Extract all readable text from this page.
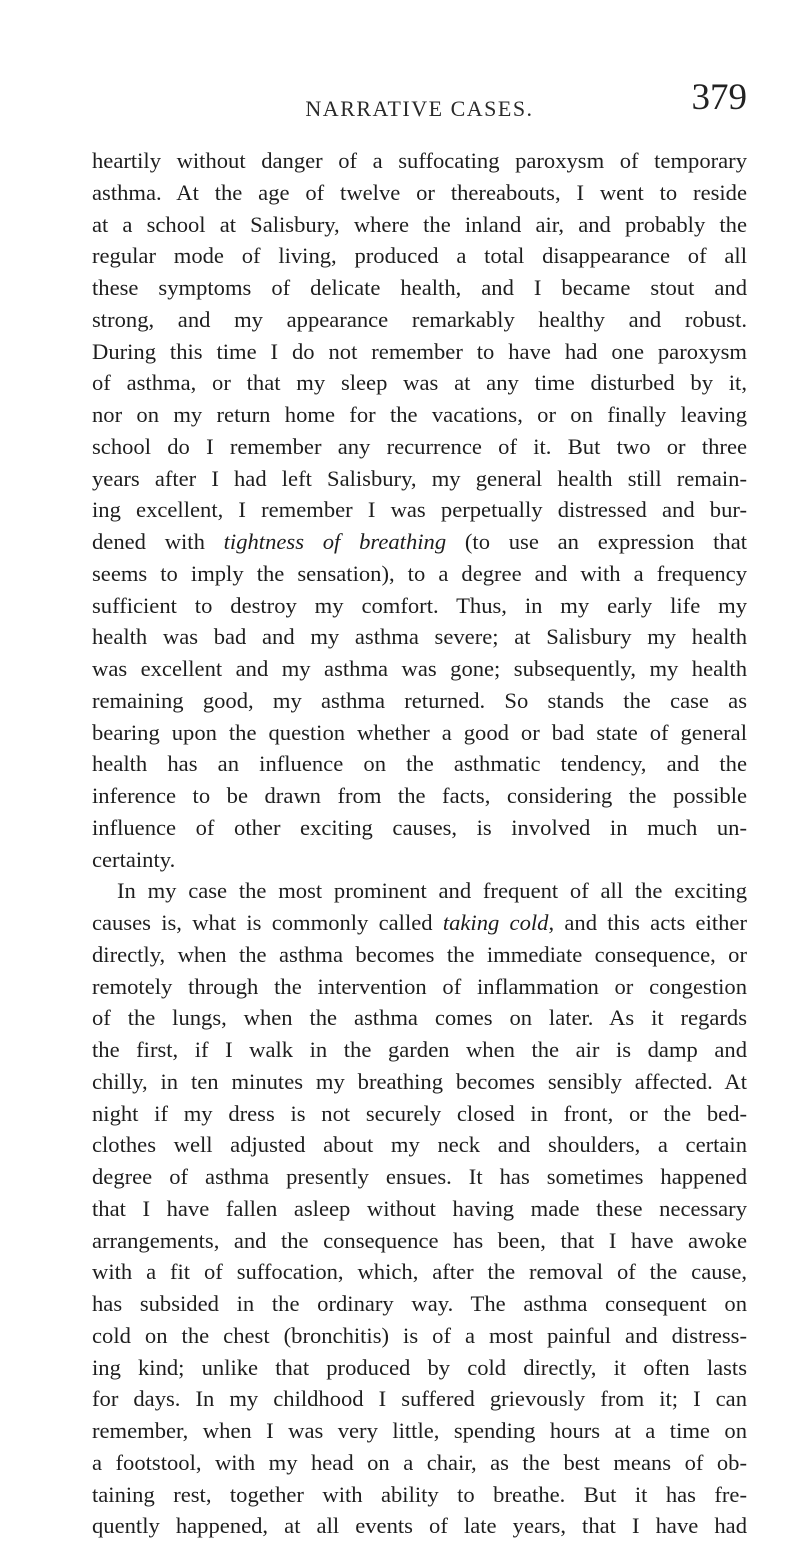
NARRATIVE CASES.	379
heartily without danger of a suffocating paroxysm of temporary
asthma. At the age of twelve or thereabouts, I went to reside
at a school at Salisbury, where the inland air, and probably the
regular mode of living, produced a total disappearance of all
these symptoms of delicate health, and I became stout and
strong, and my appearance remarkably healthy and robust.
During this time I do not remember to have had one paroxysm
of asthma, or that my sleep was at any time disturbed by it,
nor on my return home for the vacations, or on finally leaving
school do I remember any recurrence of it. But two or three
years after I had left Salisbury, my general health still remain-
ing excellent, I remember I was perpetually distressed and bur-
dened with tightness of breathing (to use an expression that
seems to imply the sensation), to a degree and with a frequency
sufficient to destroy my comfort. Thus, in my early life my
health was bad and my asthma severe; at Salisbury my health
was excellent and my asthma was gone; subsequently, my health
remaining good, my asthma returned. So stands the case as
bearing upon the question whether a good or bad state of general
health has an influence on the asthmatic tendency, and the
inference to be drawn from the facts, considering the possible
influence of other exciting causes, is involved in much un-
certainty.
In my case the most prominent and frequent of all the exciting
causes is, what is commonly called taking cold, and this acts either
directly, when the asthma becomes the immediate consequence, or
remotely through the intervention of inflammation or congestion
of the lungs, when the asthma comes on later. As it regards
the first, if I walk in the garden when the air is damp and
chilly, in ten minutes my breathing becomes sensibly affected. At
night if my dress is not securely closed in front, or the bed-
clothes well adjusted about my neck and shoulders, a certain
degree of asthma presently ensues. It has sometimes happened
that I have fallen asleep without having made these necessary
arrangements, and the consequence has been, that I have awoke
with a fit of suffocation, which, after the removal of the cause,
has subsided in the ordinary way. The asthma consequent on
cold on the chest (bronchitis) is of a most painful and distress-
ing kind; unlike that produced by cold directly, it often lasts
for days. In my childhood I suffered grievously from it; I can
remember, when I was very little, spending hours at a time on
a footstool, with my head on a chair, as the best means of ob-
taining rest, together with ability to breathe. But it has fre-
quently happened, at all events of late years, that I have had
